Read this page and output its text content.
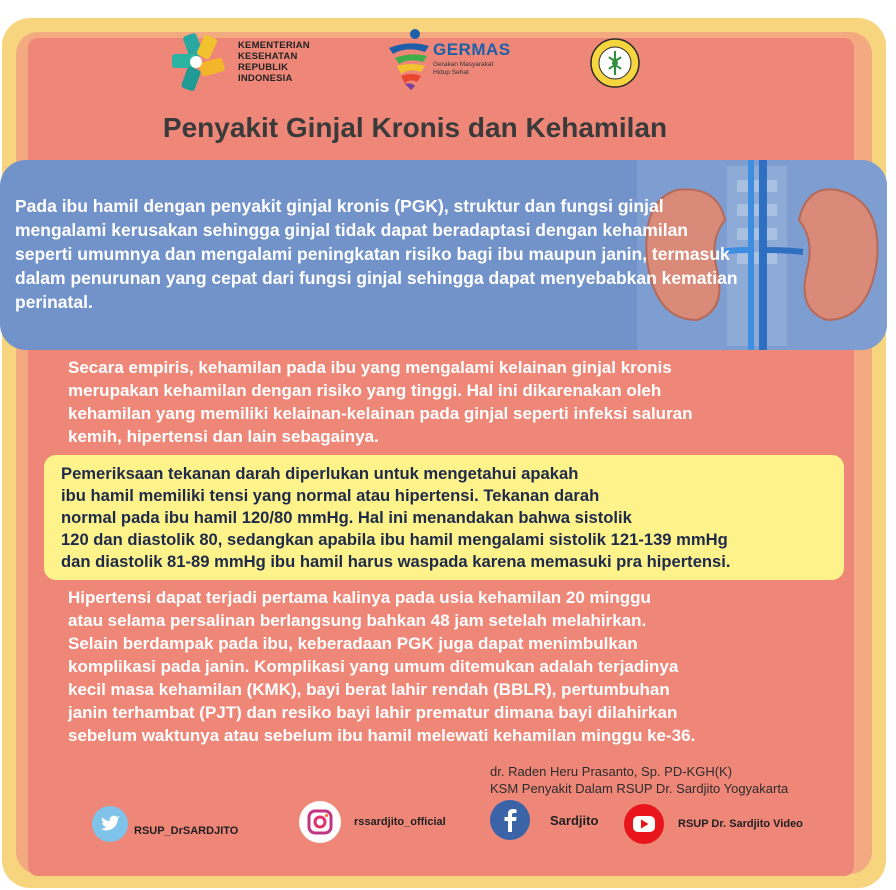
KEMENTERIAN
KESEHATAN
REPUBLIK
INDONESIA
GERMAS
Gerakan Masyarakat
Hidup Sehat
Penyakit Ginjal Kronis dan Kehamilan
Pada ibu hamil dengan penyakit ginjal kronis (PGK), struktur dan fungsi ginjal
mengalami kerusakan sehingga ginjal tidak dapat beradaptasi dengan kehamilan
seperti umumnya dan mengalami peningkatan risiko bagi ibu maupun janin, termasuk
dalam penurunan yang cepat dari fungsi ginjal sehingga dapat menyebabkan kematian
perinatal.
Secara empiris, kehamilan pada ibu yang mengalami kelainan ginjal kronis
merupakan kehamilan dengan risiko yang tinggi. Hal ini dikarenakan oleh
kehamilan yang memiliki kelainan-kelainan pada ginjal seperti infeksi saluran
kemih, hipertensi dan lain sebagainya.
Pemeriksaan tekanan darah diperlukan untuk mengetahui apakah
ibu hamil memiliki tensi yang normal atau hipertensi. Tekanan darah
normal pada ibu hamil 120/80 mmHg. Hal ini menandakan bahwa sistolik
120 dan diastolik 80, sedangkan apabila ibu hamil mengalami sistolik 121-139 mmHg
dan diastolik 81-89 mmHg ibu hamil harus waspada karena memasuki pra hipertensi.
Hipertensi dapat terjadi pertama kalinya pada usia kehamilan 20 minggu
atau selama persalinan berlangsung bahkan 48 jam setelah melahirkan.
Selain berdampak pada ibu, keberadaan PGK juga dapat menimbulkan
komplikasi pada janin. Komplikasi yang umum ditemukan adalah terjadinya
kecil masa kehamilan (KMK), bayi berat lahir rendah (BBLR), pertumbuhan
janin terhambat (PJT) dan resiko bayi lahir prematur dimana bayi dilahirkan
sebelum waktunya atau sebelum ibu hamil melewati kehamilan minggu ke-36.
dr. Raden Heru Prasanto, Sp. PD-KGH(K)
KSM Penyakit Dalam RSUP Dr. Sardjito Yogyakarta
RSUP_DrSARDJITO
rssardjito_official	Sardjito	RSUP Dr. Sardjito Video
